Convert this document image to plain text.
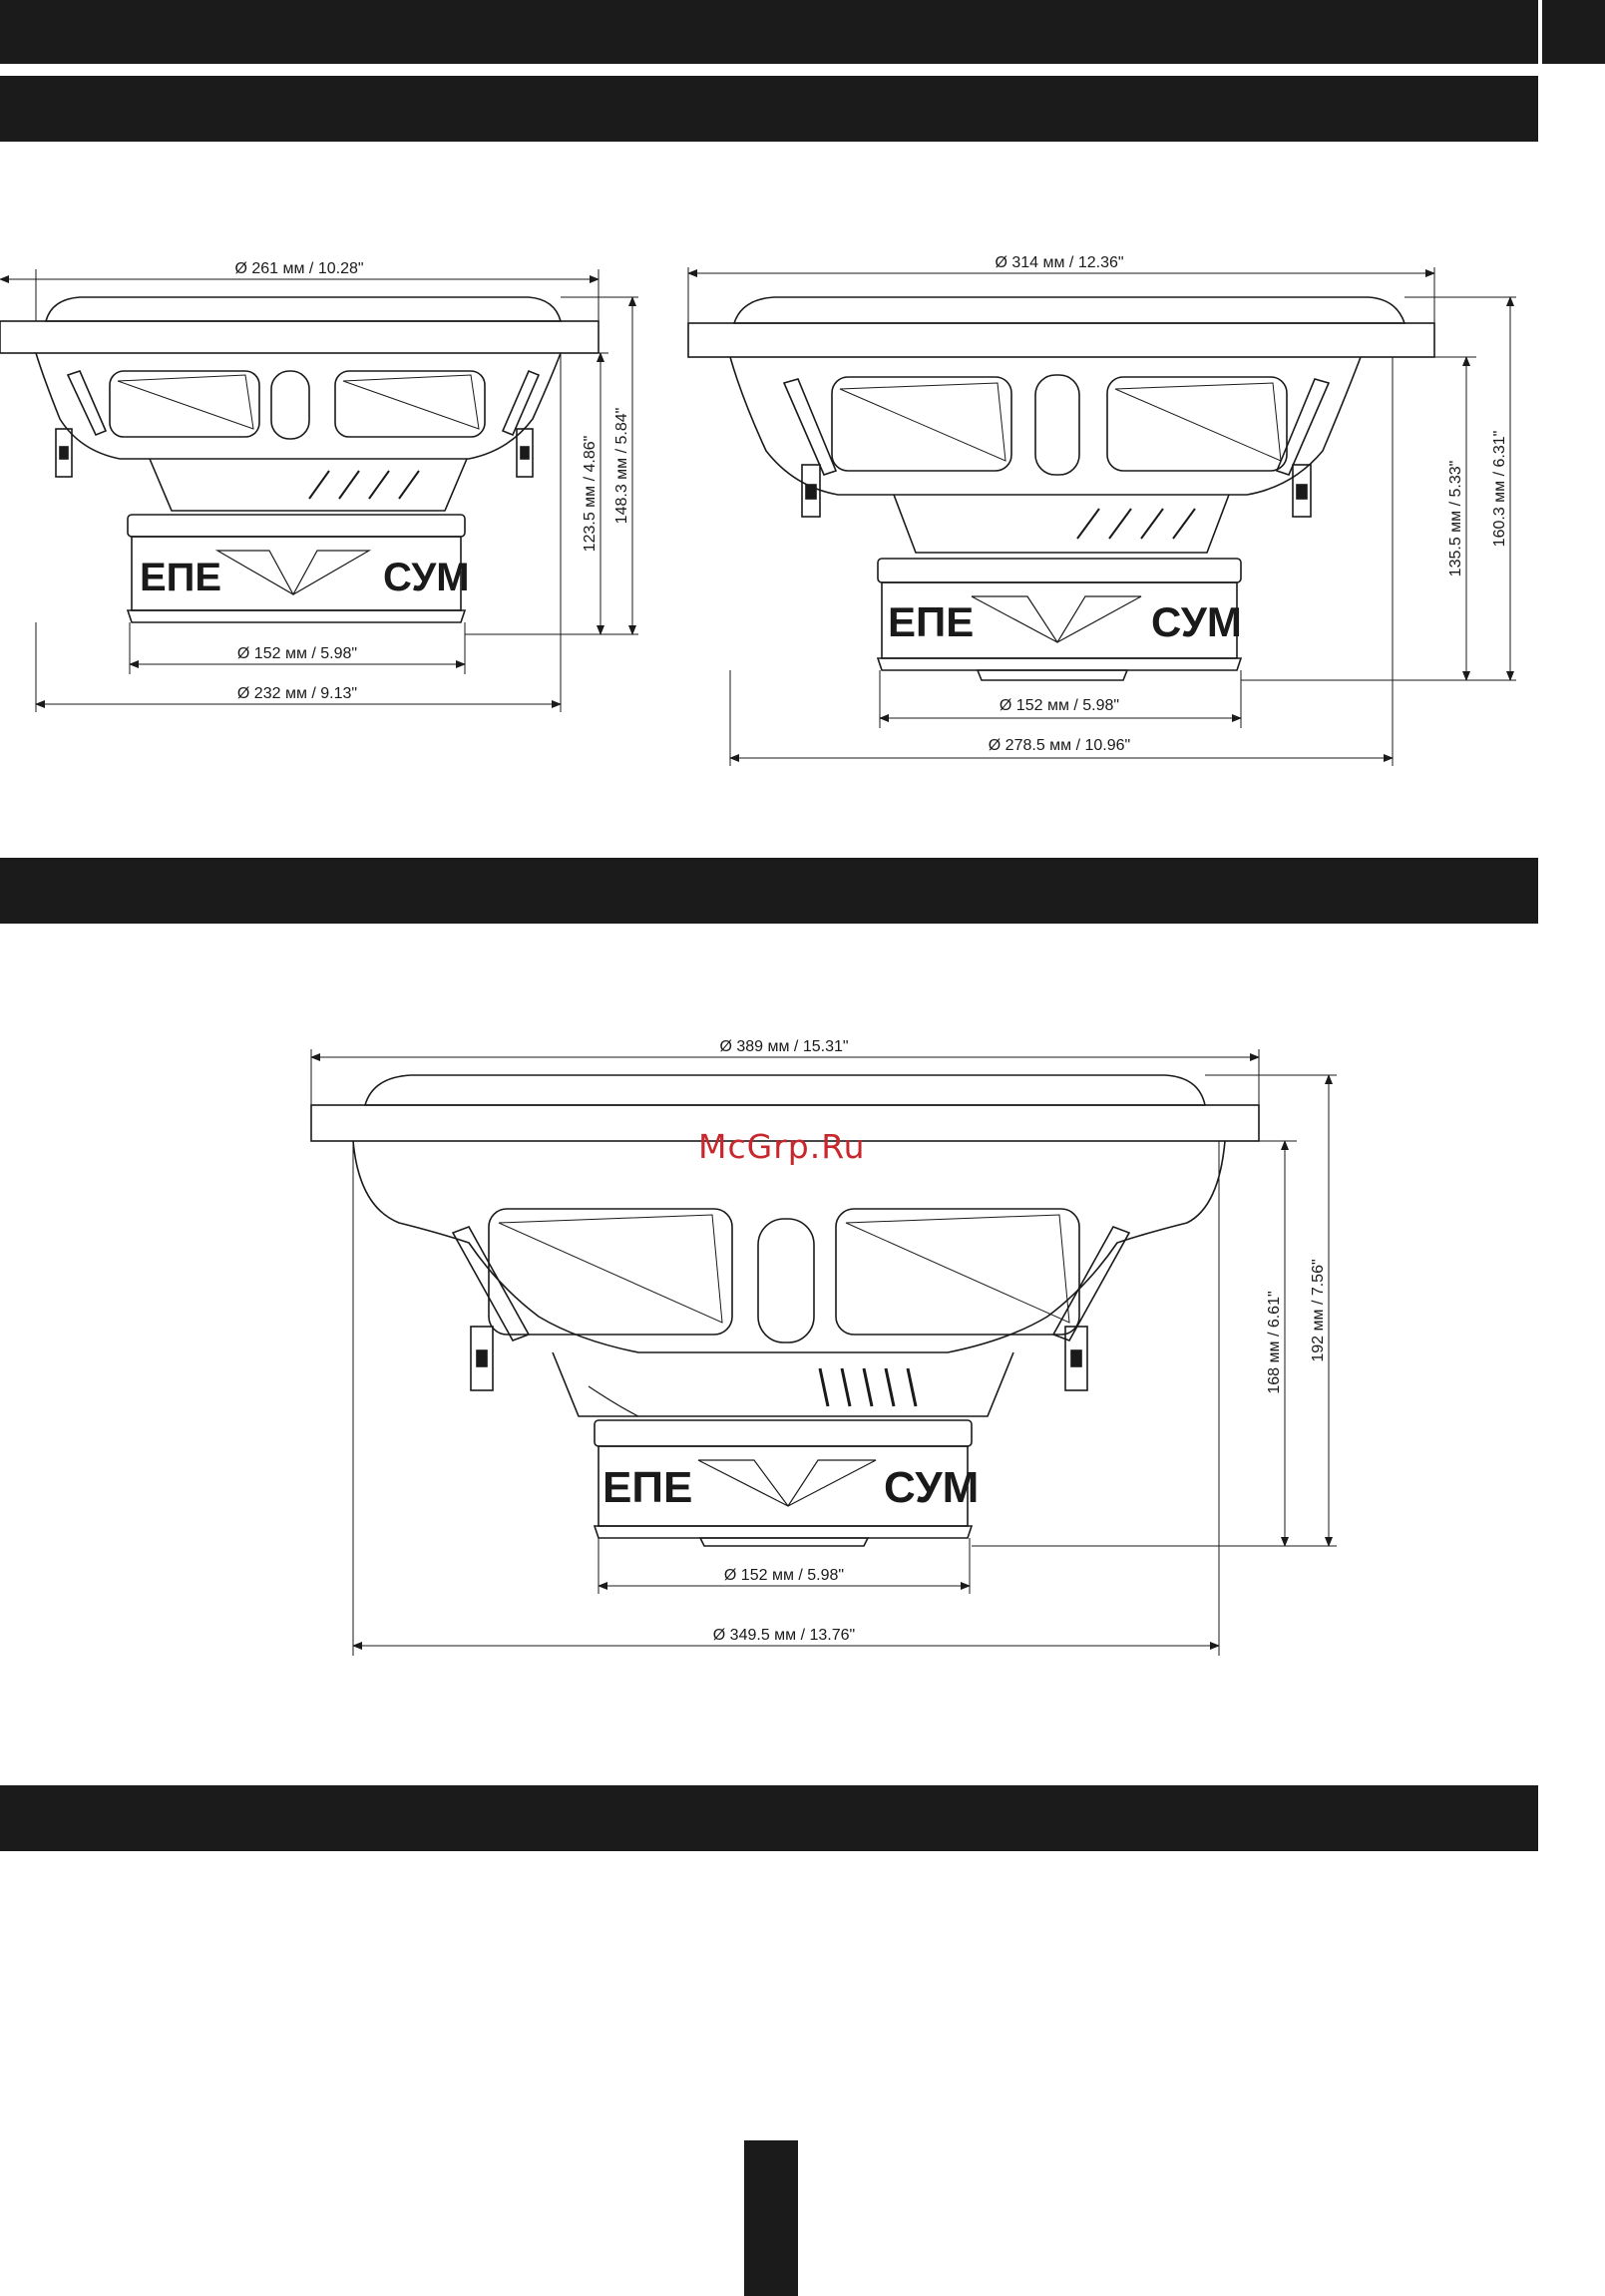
ЕПЕ	СУМ
Ø 261 мм / 10.28"
Ø 152 мм / 5.98"
Ø 232 мм / 9.13"
123.5 мм / 4.86" 148.3 мм / 5.84"
ЕПЕ	СУМ
Ø 314 мм / 12.36"
Ø 152 мм / 5.98"
Ø 278.5 мм / 10.96"
135.5 мм / 5.33" 160.3 мм / 6.31"
ЕПЕ	СУМ
Ø 389 мм / 15.31"
Ø 152 мм / 5.98"
Ø 349.5 мм / 13.76"
168 мм / 6.61" 192 мм / 7.56"
McGrp.Ru
